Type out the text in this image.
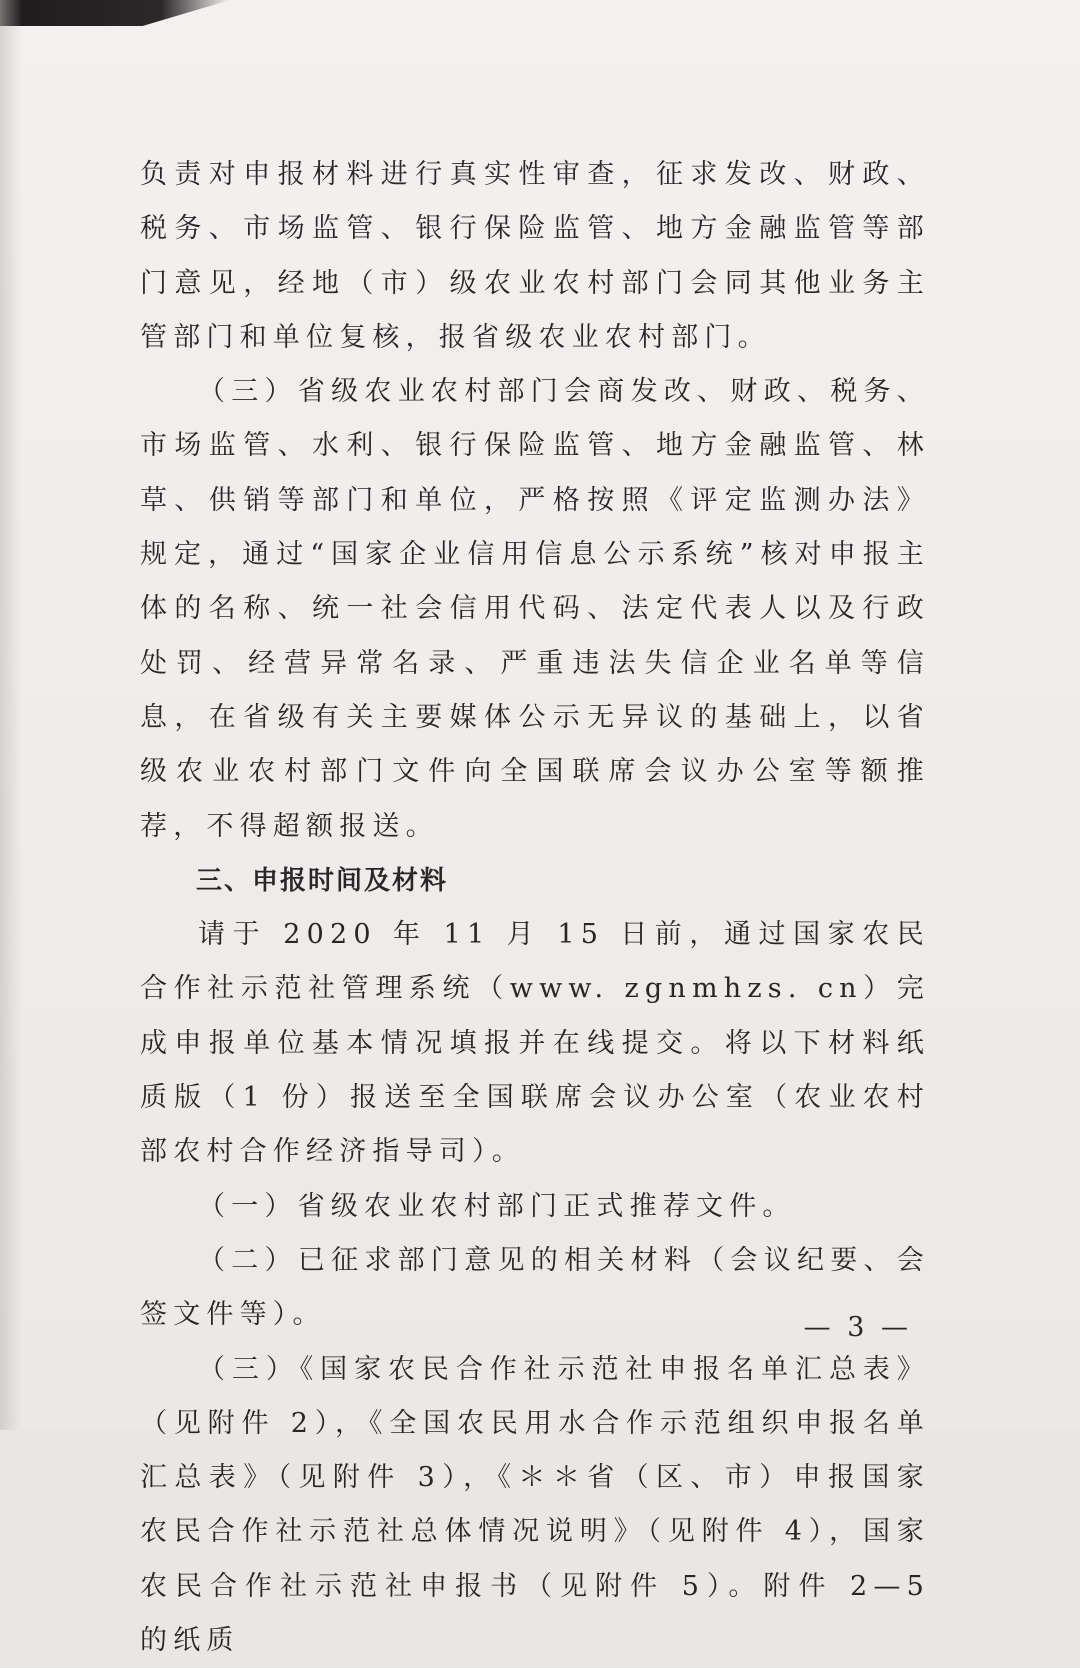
负责对申报材料进行真实性审查，征求发改、财政、税务、市场监管、银行保险监管、地方金融监管等部门意见，经地（市）级农业农村部门会同其他业务主管部门和单位复核，报省级农业农村部门。

（三）省级农业农村部门会商发改、财政、税务、市场监管、水利、银行保险监管、地方金融监管、林草、供销等部门和单位，严格按照《评定监测办法》规定，通过“国家企业信用信息公示系统”核对申报主体的名称、统一社会信用代码、法定代表人以及行政处罚、经营异常名录、严重违法失信企业名单等信息，在省级有关主要媒体公示无异议的基础上，以省级农业农村部门文件向全国联席会议办公室等额推荐，不得超额报送。

三、申报时间及材料

请于 2020 年 11 月 15 日前，通过国家农民合作社示范社管理系统（www. zgnmhzs. cn）完成申报单位基本情况填报并在线提交。将以下材料纸质版（1 份）报送至全国联席会议办公室（农业农村部农村合作经济指导司）。

（一）省级农业农村部门正式推荐文件。

（二）已征求部门意见的相关材料（会议纪要、会签文件等）。

（三）《国家农民合作社示范社申报名单汇总表》（见附件 2），《全国农民用水合作示范组织申报名单汇总表》（见附件 3），《＊＊省（区、市）申报国家农民合作社示范社总体情况说明》（见附件 4），国家农民合作社示范社申报书（见附件 5）。附件 2—5 的纸质

— 3 —
